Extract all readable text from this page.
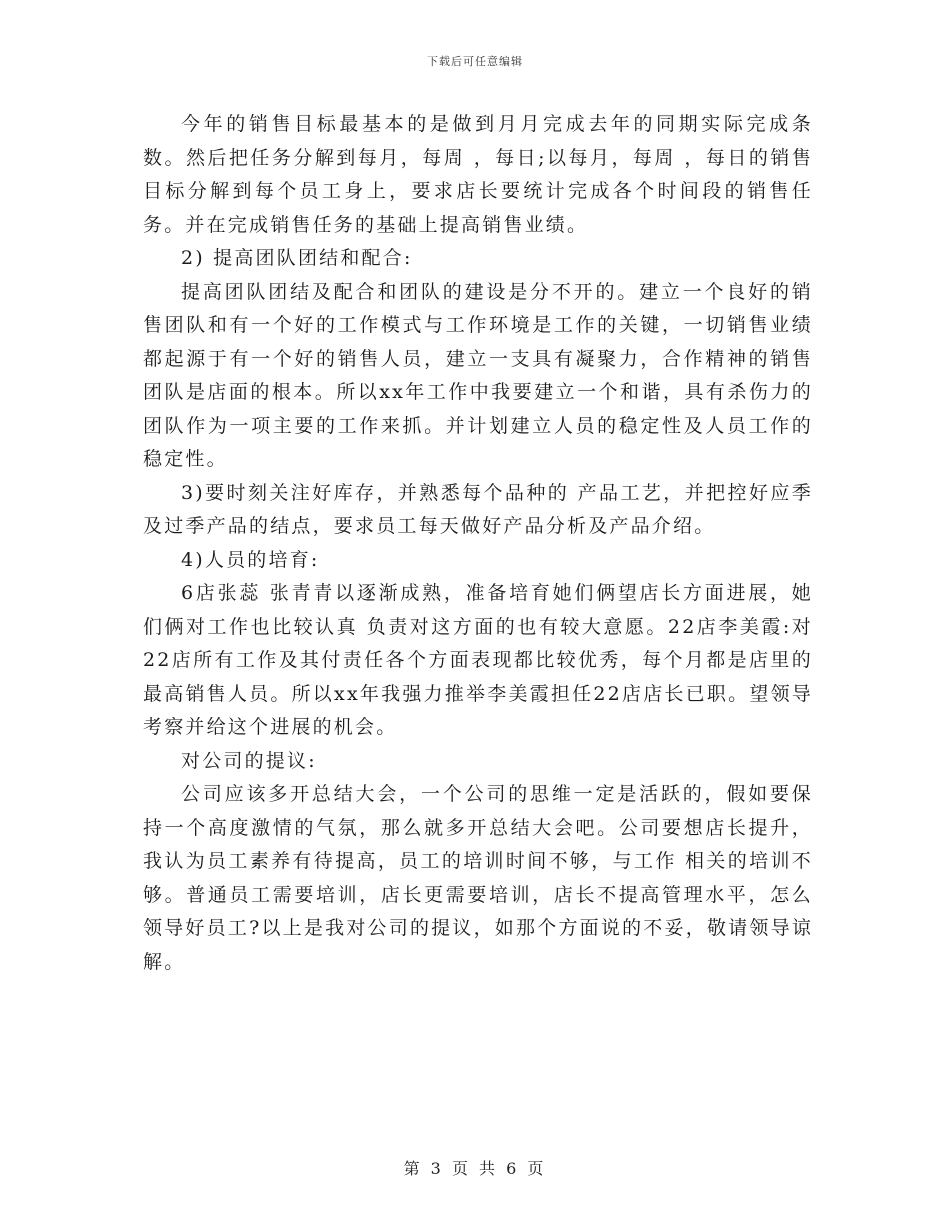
下载后可任意编辑

今年的销售目标最基本的是做到月月完成去年的同期实际完成条数。然后把任务分解到每月，每周 ，每日;以每月，每周 ，每日的销售目标分解到每个员工身上，要求店长要统计完成各个时间段的销售任务。并在完成销售任务的基础上提高销售业绩。

2) 提高团队团结和配合:

提高团队团结及配合和团队的建设是分不开的。建立一个良好的销售团队和有一个好的工作模式与工作环境是工作的关键，一切销售业绩都起源于有一个好的销售人员，建立一支具有凝聚力，合作精神的销售团队是店面的根本。所以xx年工作中我要建立一个和谐，具有杀伤力的团队作为一项主要的工作来抓。并计划建立人员的稳定性及人员工作的稳定性。

3)要时刻关注好库存，并熟悉每个品种的 产品工艺，并把控好应季及过季产品的结点，要求员工每天做好产品分析及产品介绍。

4)人员的培育:

6店张蕊 张青青以逐渐成熟，准备培育她们俩望店长方面进展，她们俩对工作也比较认真 负责对这方面的也有较大意愿。22店李美霞:对22店所有工作及其付责任各个方面表现都比较优秀，每个月都是店里的最高销售人员。所以xx年我强力推举李美霞担任22店店长已职。望领导考察并给这个进展的机会。

对公司的提议:

公司应该多开总结大会，一个公司的思维一定是活跃的，假如要保持一个高度激情的气氛，那么就多开总结大会吧。公司要想店长提升，我认为员工素养有待提高，员工的培训时间不够，与工作 相关的培训不够。普通员工需要培训，店长更需要培训，店长不提高管理水平，怎么领导好员工?以上是我对公司的提议，如那个方面说的不妥，敬请领导谅解。

第 3 页 共 6 页
